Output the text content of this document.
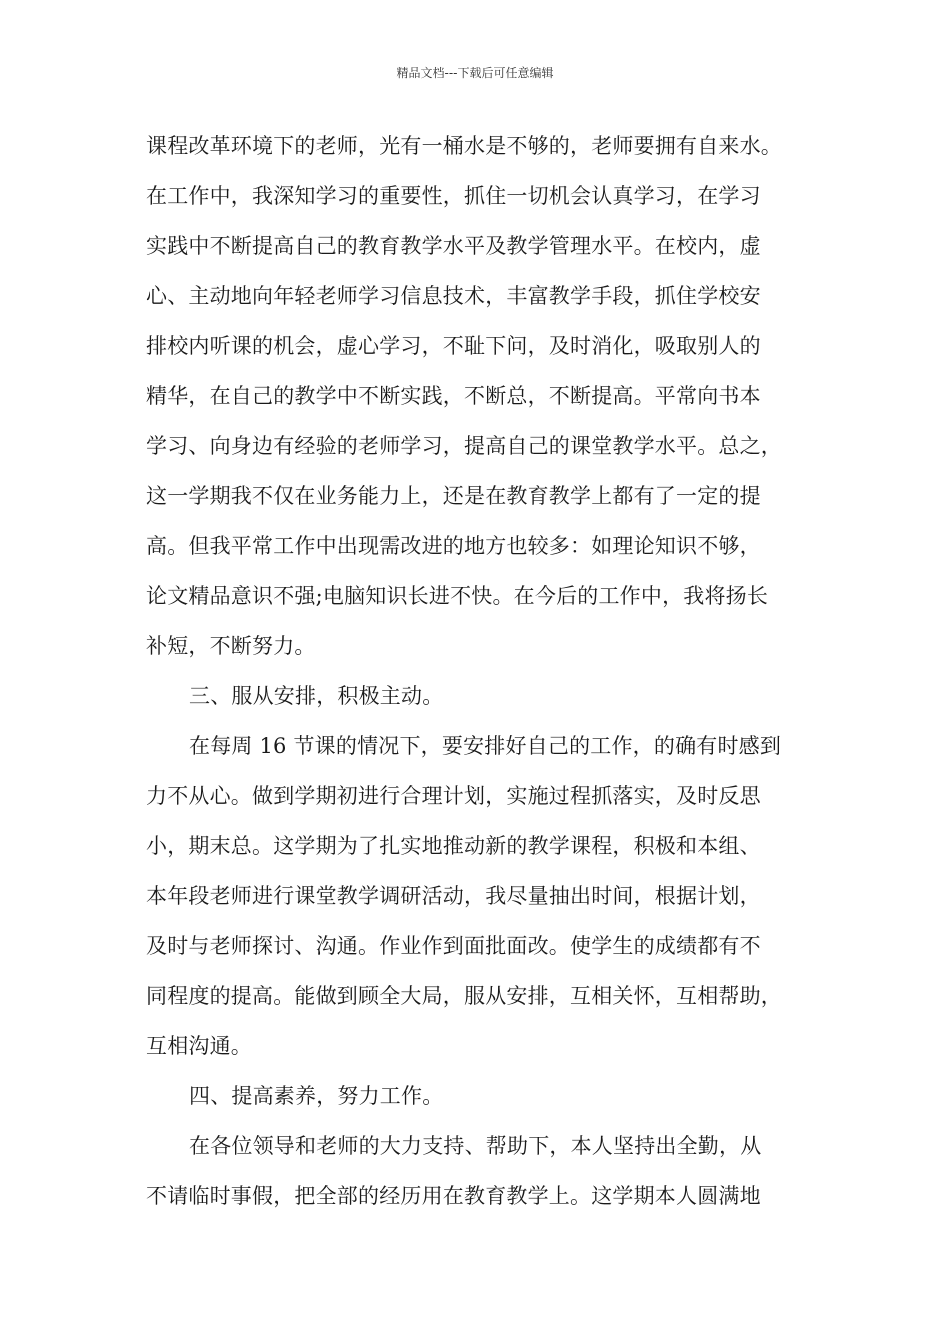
精品文档---下载后可任意编辑
课程改革环境下的老师，光有一桶水是不够的，老师要拥有自来水。
在工作中，我深知学习的重要性，抓住一切机会认真学习，在学习
实践中不断提高自己的教育教学水平及教学管理水平。在校内，虚
心、主动地向年轻老师学习信息技术，丰富教学手段，抓住学校安
排校内听课的机会，虚心学习，不耻下问，及时消化，吸取别人的
精华，在自己的教学中不断实践，不断总，不断提高。平常向书本
学习、向身边有经验的老师学习，提高自己的课堂教学水平。总之，
这一学期我不仅在业务能力上，还是在教育教学上都有了一定的提
高。但我平常工作中出现需改进的地方也较多：如理论知识不够，
论文精品意识不强;电脑知识长进不快。在今后的工作中，我将扬长
补短，不断努力。
三、服从安排，积极主动。
在每周 16 节课的情况下，要安排好自己的工作，的确有时感到
力不从心。做到学期初进行合理计划，实施过程抓落实，及时反思
小，期末总。这学期为了扎实地推动新的教学课程，积极和本组、
本年段老师进行课堂教学调研活动，我尽量抽出时间，根据计划，
及时与老师探讨、沟通。作业作到面批面改。使学生的成绩都有不
同程度的提高。能做到顾全大局，服从安排，互相关怀，互相帮助，
互相沟通。
四、提高素养，努力工作。
在各位领导和老师的大力支持、帮助下，本人坚持出全勤，从
不请临时事假，把全部的经历用在教育教学上。这学期本人圆满地
